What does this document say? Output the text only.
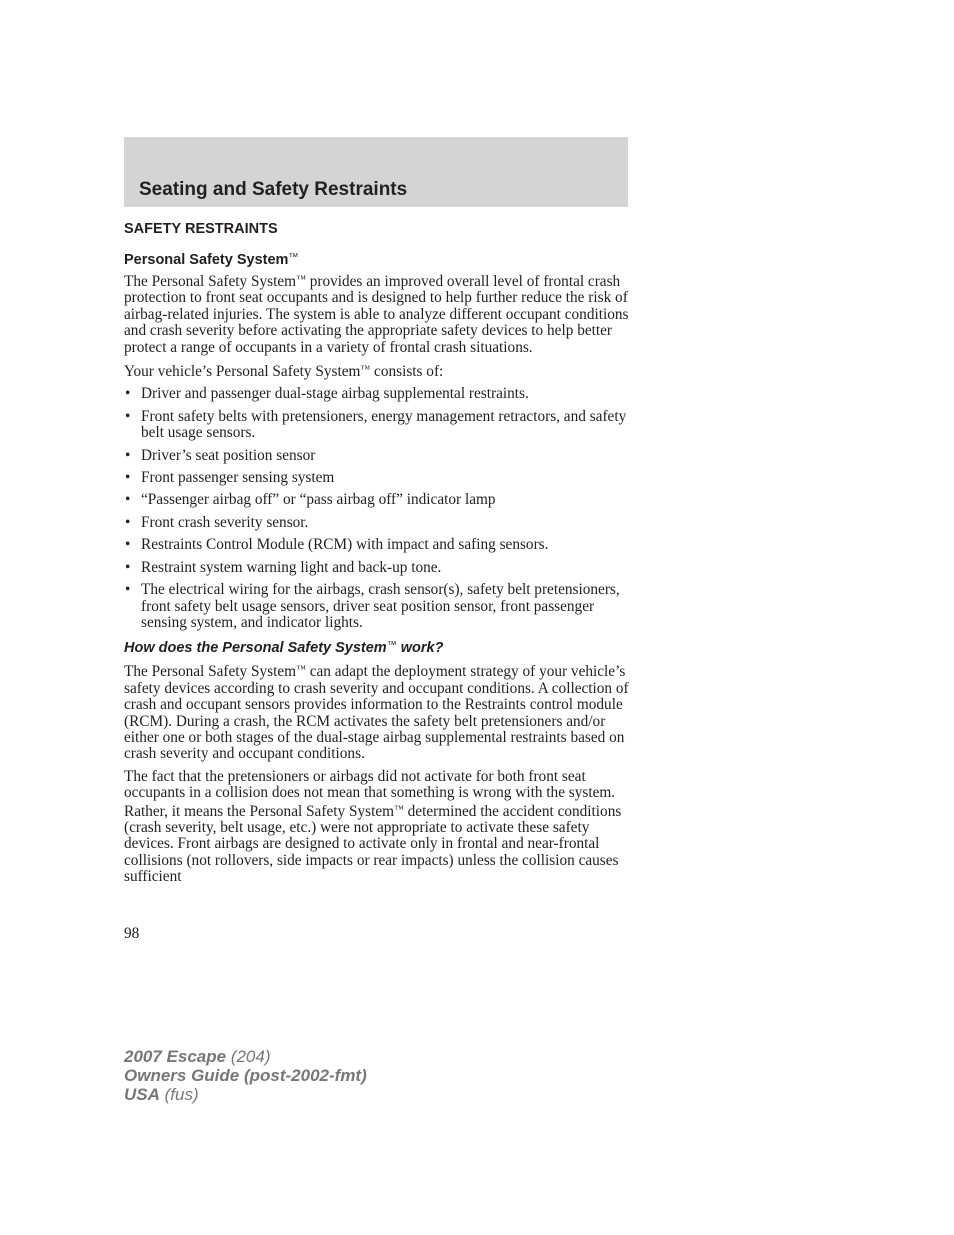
Seating and Safety Restraints
SAFETY RESTRAINTS
Personal Safety System™

The Personal Safety System™ provides an improved overall level of frontal crash protection to front seat occupants and is designed to help further reduce the risk of airbag-related injuries. The system is able to analyze different occupant conditions and crash severity before activating the appropriate safety devices to help better protect a range of occupants in a variety of frontal crash situations.

Your vehicle’s Personal Safety System™ consists of:

• Driver and passenger dual-stage airbag supplemental restraints.
• Front safety belts with pretensioners, energy management retractors, and safety belt usage sensors.
• Driver’s seat position sensor
• Front passenger sensing system
• “Passenger airbag off” or “pass airbag off” indicator lamp
• Front crash severity sensor.
• Restraints Control Module (RCM) with impact and safing sensors.
• Restraint system warning light and back-up tone.
• The electrical wiring for the airbags, crash sensor(s), safety belt pretensioners, front safety belt usage sensors, driver seat position sensor, front passenger sensing system, and indicator lights.
How does the Personal Safety System™ work?

The Personal Safety System™ can adapt the deployment strategy of your vehicle’s safety devices according to crash severity and occupant conditions. A collection of crash and occupant sensors provides information to the Restraints control module (RCM). During a crash, the RCM activates the safety belt pretensioners and/or either one or both stages of the dual-stage airbag supplemental restraints based on crash severity and occupant conditions.

The fact that the pretensioners or airbags did not activate for both front seat occupants in a collision does not mean that something is wrong with the system. Rather, it means the Personal Safety System™ determined the accident conditions (crash severity, belt usage, etc.) were not appropriate to activate these safety devices. Front airbags are designed to activate only in frontal and near-frontal collisions (not rollovers, side impacts or rear impacts) unless the collision causes sufficient

98
2007 Escape (204)
Owners Guide (post-2002-fmt)
USA (fus)
